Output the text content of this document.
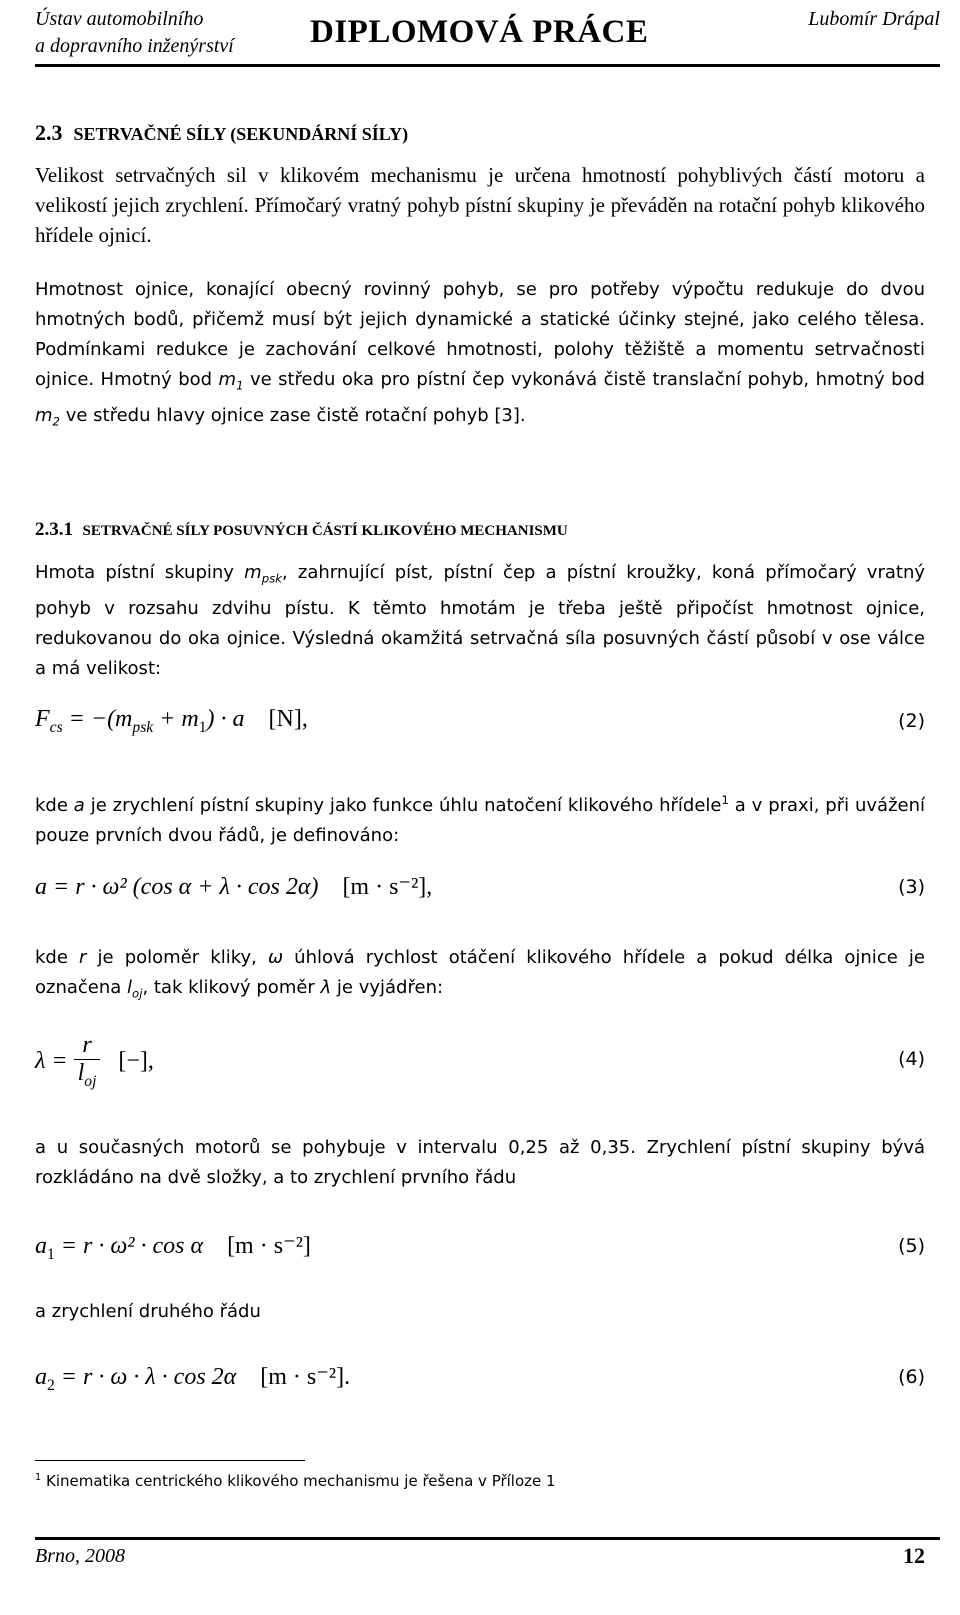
Ústav automobilního
a dopravního inženýrství DIPLOMOVÁ PRÁCE	Lubomír Drápal
2.3 SETRVAČNÉ SÍLY (SEKUNDÁRNÍ SÍLY)
Velikost setrvačných sil v klikovém mechanismu je určena hmotností pohyblivých částí motoru a velikostí jejich zrychlení. Přímočarý vratný pohyb pístní skupiny je převáděn na rotační pohyb klikového hřídele ojnicí.
Hmotnost ojnice, konající obecný rovinný pohyb, se pro potřeby výpočtu redukuje do dvou hmotných bodů, přičemž musí být jejich dynamické a statické účinky stejné, jako celého tělesa. Podmínkami redukce je zachování celkové hmotnosti, polohy těžiště a momentu setrvačnosti ojnice. Hmotný bod $m_1$ ve středu oka pro pístní čep vykonává čistě translační pohyb, hmotný bod $m_2$ ve středu hlavy ojnice zase čistě rotační pohyb [3].
2.3.1 SETRVAČNÉ SÍLY POSUVNÝCH ČÁSTÍ KLIKOVÉHO MECHANISMU
Hmota pístní skupiny $m_{psk}$, zahrnující píst, pístní čep a pístní kroužky, koná přímočarý vratný pohyb v rozsahu zdvihu pístu. K těmto hmotám je třeba ještě připočíst hmotnost ojnice, redukovanou do oka ojnice. Výsledná okamžitá setrvačná síla posuvných částí působí v ose válce a má velikost:
$F_{cs} = -(m_{psk} + m_1) \cdot a$ [N],	(2)
kde a je zrychlení pístní skupiny jako funkce úhlu natočení klikového hřídele$^1$ a v praxi, při uvážení pouze prvních dvou řádů, je definováno:
a = r · ω² (cos α + λ · cos 2α) [m · s⁻²],	(3)
kde r je poloměr kliky, ω úhlová rychlost otáčení klikového hřídele a pokud délka ojnice je označena $l_{oj}$, tak klikový poměr λ je vyjádřen:
$\lambda = \frac{r}{l_{oj}}$ [−],	(4)
a u současných motorů se pohybuje v intervalu 0,25 až 0,35. Zrychlení pístní skupiny bývá rozkládáno na dvě složky, a to zrychlení prvního řádu
$a_1 = r \cdot \omega^2 \cdot \cos \alpha$ [m · s⁻²]	(5)
a zrychlení druhého řádu
$a_2 = r \cdot \omega \cdot \lambda \cdot \cos 2\alpha$ [m · s⁻²].	(6)
$^1$ Kinematika centrického klikového mechanismu je řešena v Příloze 1
Brno, 2008	12
